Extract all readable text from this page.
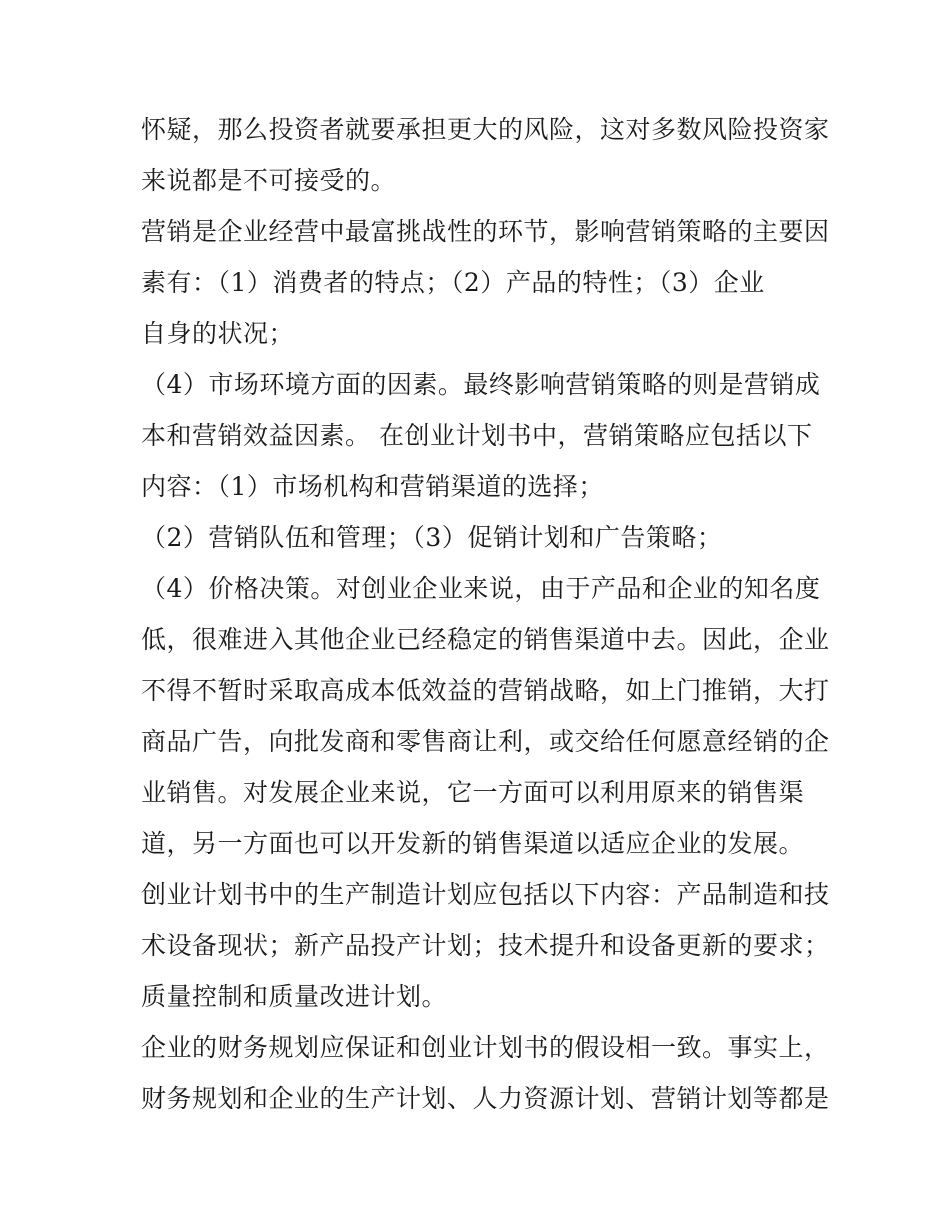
怀疑，那么投资者就要承担更大的风险，这对多数风险投资家
来说都是不可接受的。
营销是企业经营中最富挑战性的环节，影响营销策略的主要因
素有：（1）消费者的特点；（2）产品的特性；（3）企业
自身的状况；
（4）市场环境方面的因素。最终影响营销策略的则是营销成
本和营销效益因素。 在创业计划书中，营销策略应包括以下
内容：（1）市场机构和营销渠道的选择；
（2）营销队伍和管理；（3）促销计划和广告策略；
（4）价格决策。对创业企业来说，由于产品和企业的知名度
低，很难进入其他企业已经稳定的销售渠道中去。因此，企业
不得不暂时采取高成本低效益的营销战略，如上门推销，大打
商品广告，向批发商和零售商让利，或交给任何愿意经销的企
业销售。对发展企业来说，它一方面可以利用原来的销售渠
道，另一方面也可以开发新的销售渠道以适应企业的发展。
创业计划书中的生产制造计划应包括以下内容：产品制造和技
术设备现状；新产品投产计划；技术提升和设备更新的要求；
质量控制和质量改进计划。
企业的财务规划应保证和创业计划书的假设相一致。事实上，
财务规划和企业的生产计划、人力资源计划、营销计划等都是
